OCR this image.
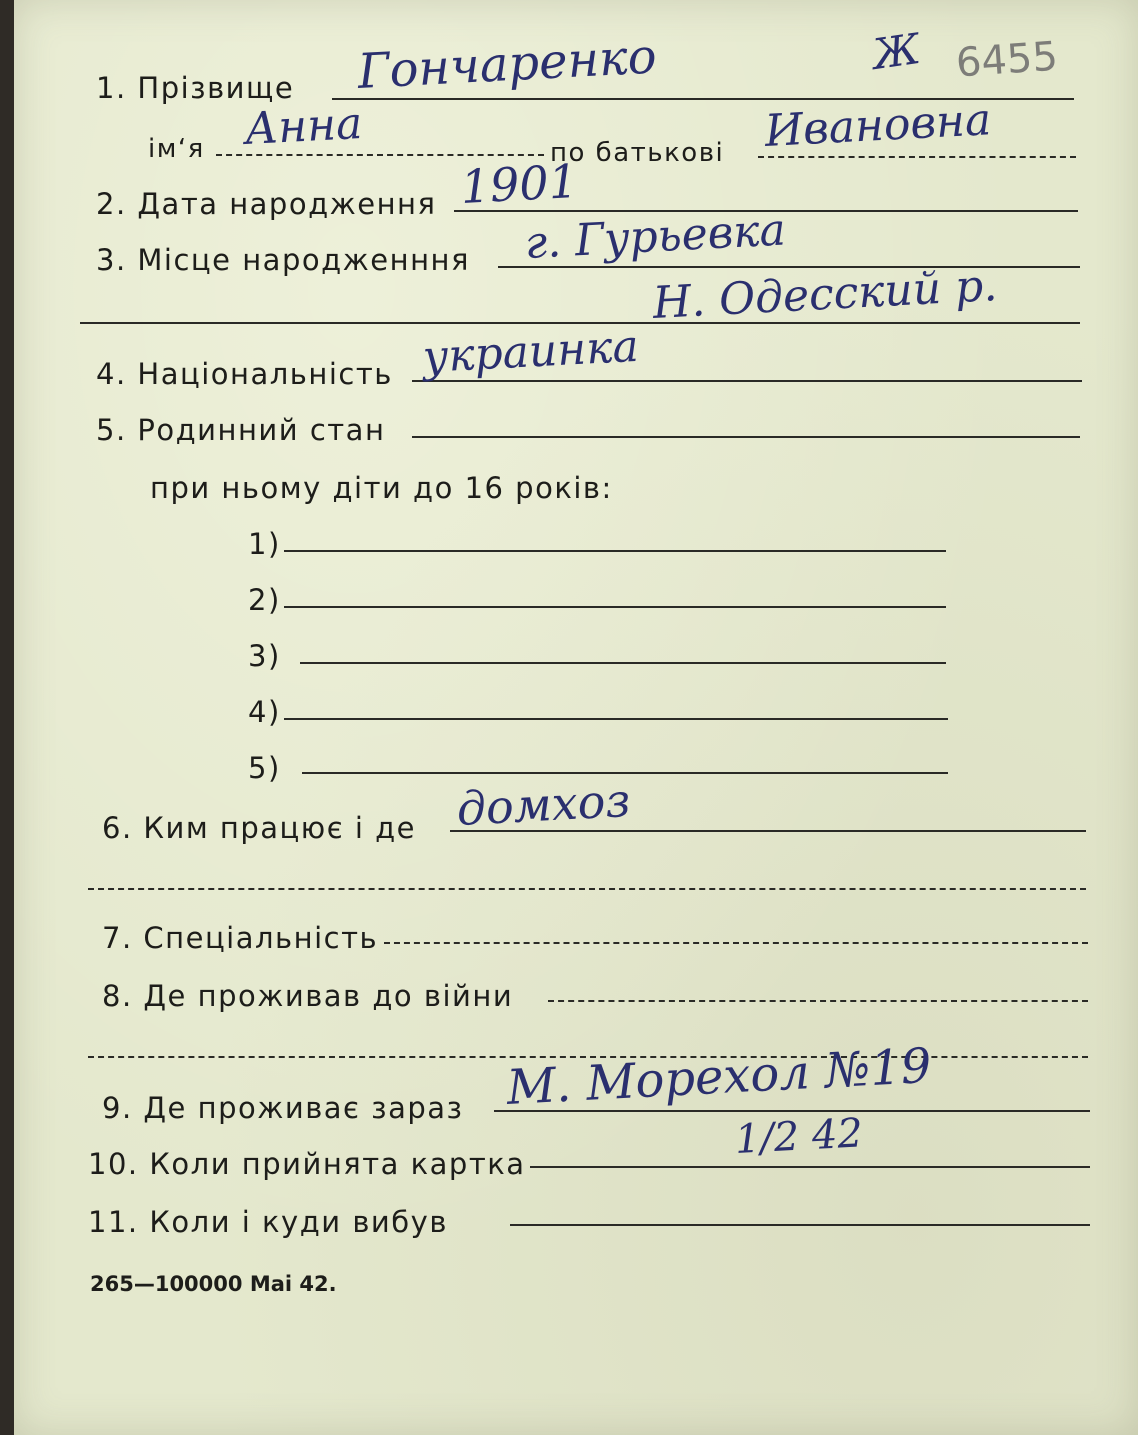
Ж 6455
1. Прізвище Гончаренко
ім‘я Анна	по батькові Ивановна
2. Дата народження 1901
3. Місце народженння г. Гурьевка
Н. Одесский р.
4. Національність украинка
5. Родинний стан
при ньому діти до 16 років:
1)
2)
3)
4)
5)
6. Ким працює і де домхоз
7. Спеціальність
8. Де проживав до війни
9. Де проживає зараз М. Морехол №19
10. Коли прийнята картка
1/2 42
11. Коли і куди вибув
265—100000 Mai 42.
